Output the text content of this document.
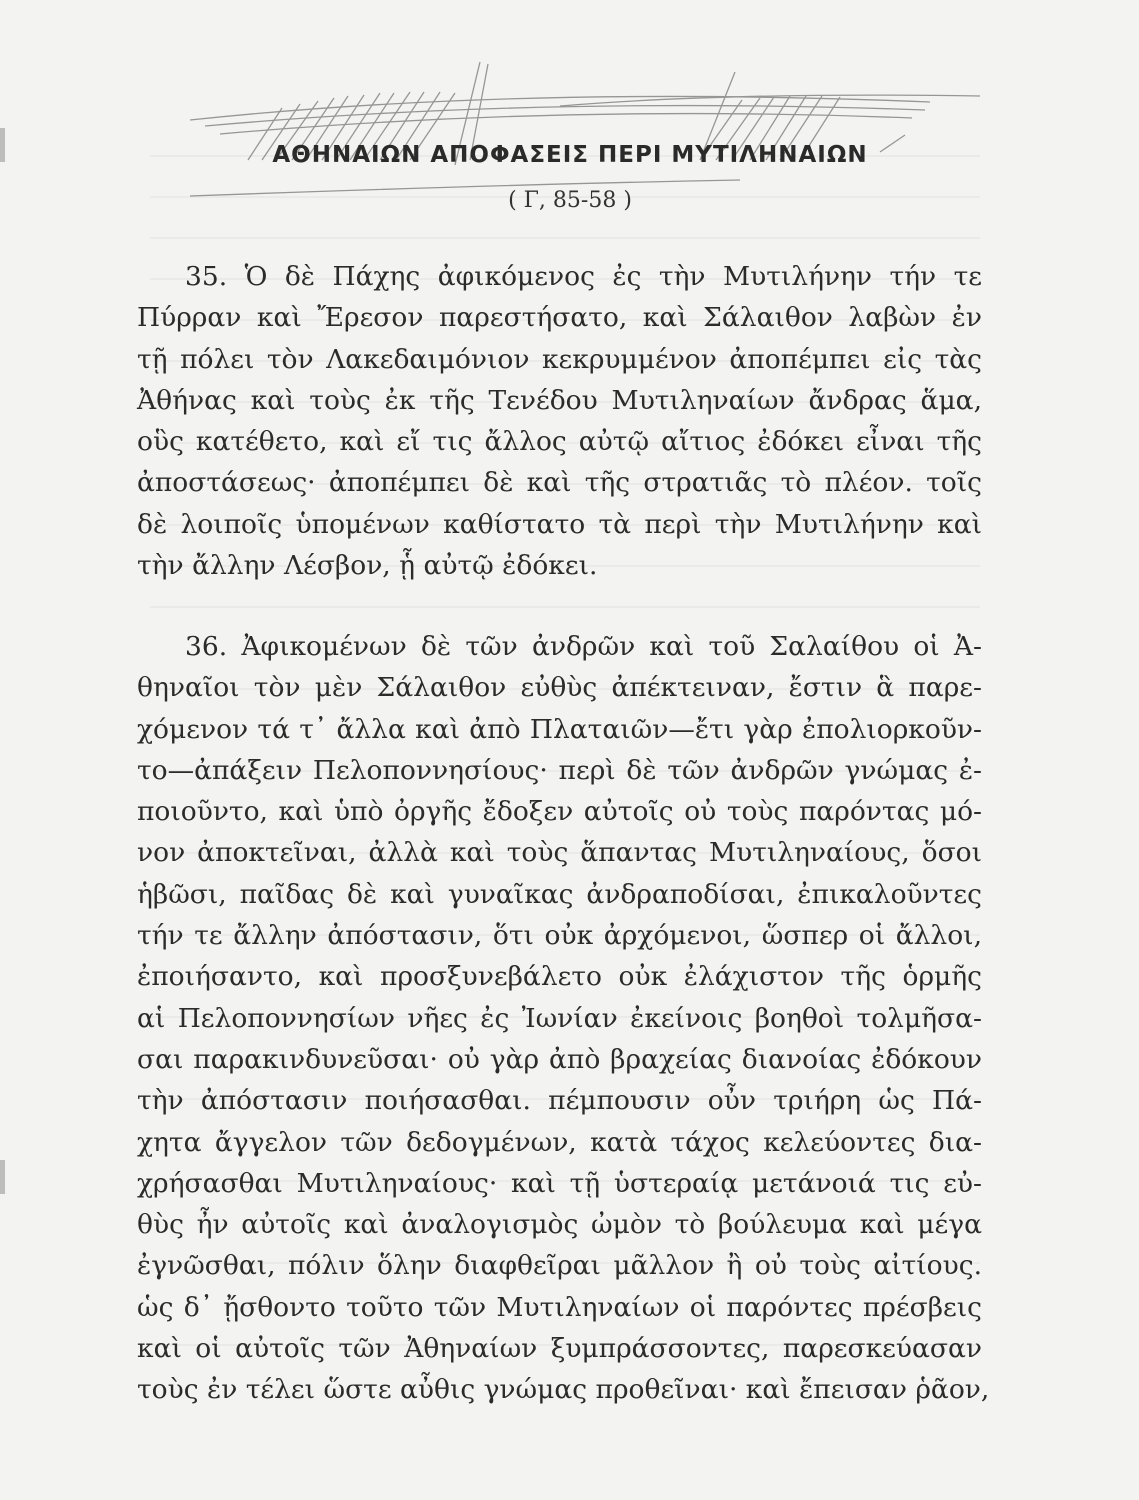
ΑΘΗΝΑΙΩΝ ΑΠΟΦΑΣΕΙΣ ΠΕΡΙ ΜΥΤΙΛΗΝΑΙΩΝ
( Γ, 85-58 )
35. Ὁ δὲ Πάχης ἀφικόμενος ἐς τὴν Μυτιλήνην τήν τε
Πύρραν καὶ Ἔρεσον παρεστήσατο, καὶ Σάλαιθον λαβὼν ἐν
τῇ πόλει τὸν Λακεδαιμόνιον κεκρυμμένον ἀποπέμπει εἰς τὰς
Ἀθήνας καὶ τοὺς ἐκ τῆς Τενέδου Μυτιληναίων ἄνδρας ἅμα,
οὓς κατέθετο, καὶ εἴ τις ἄλλος αὐτῷ αἴτιος ἐδόκει εἶναι τῆς
ἀποστάσεως· ἀποπέμπει δὲ καὶ τῆς στρατιᾶς τὸ πλέον. τοῖς
δὲ λοιποῖς ὑπομένων καθίστατο τὰ περὶ τὴν Μυτιλήνην καὶ
τὴν ἄλλην Λέσβον, ᾗ αὐτῷ ἐδόκει.
36. Ἀφικομένων δὲ τῶν ἀνδρῶν καὶ τοῦ Σαλαίθου οἱ Ἀ-
θηναῖοι τὸν μὲν Σάλαιθον εὐθὺς ἀπέκτειναν, ἔστιν ἃ παρε-
χόμενον τά τ᾽ ἄλλα καὶ ἀπὸ Πλαταιῶν—ἔτι γὰρ ἐπολιορκοῦν-
το—ἀπάξειν Πελοποννησίους· περὶ δὲ τῶν ἀνδρῶν γνώμας ἐ-
ποιοῦντο, καὶ ὑπὸ ὀργῆς ἔδοξεν αὐτοῖς οὐ τοὺς παρόντας μό-
νον ἀποκτεῖναι, ἀλλὰ καὶ τοὺς ἅπαντας Μυτιληναίους, ὅσοι
ἡβῶσι, παῖδας δὲ καὶ γυναῖκας ἀνδραποδίσαι, ἐπικαλοῦντες
τήν τε ἄλλην ἀπόστασιν, ὅτι οὐκ ἀρχόμενοι, ὥσπερ οἱ ἄλλοι,
ἐποιήσαντο, καὶ προσξυνεβάλετο οὐκ ἐλάχιστον τῆς ὁρμῆς
αἱ Πελοποννησίων νῆες ἐς Ἰωνίαν ἐκείνοις βοηθοὶ τολμῆσα-
σαι παρακινδυνεῦσαι· οὐ γὰρ ἀπὸ βραχείας διανοίας ἐδόκουν
τὴν ἀπόστασιν ποιήσασθαι. πέμπουσιν οὖν τριήρη ὡς Πά-
χητα ἄγγελον τῶν δεδογμένων, κατὰ τάχος κελεύοντες δια-
χρήσασθαι Μυτιληναίους· καὶ τῇ ὑστεραίᾳ μετάνοιά τις εὐ-
θὺς ἦν αὐτοῖς καὶ ἀναλογισμὸς ὠμὸν τὸ βούλευμα καὶ μέγα
ἐγνῶσθαι, πόλιν ὅλην διαφθεῖραι μᾶλλον ἢ οὐ τοὺς αἰτίους.
ὡς δ᾽ ᾔσθοντο τοῦτο τῶν Μυτιληναίων οἱ παρόντες πρέσβεις
καὶ οἱ αὐτοῖς τῶν Ἀθηναίων ξυμπράσσοντες, παρεσκεύασαν
τοὺς ἐν τέλει ὥστε αὖθις γνώμας προθεῖναι· καὶ ἔπεισαν ῥᾶον,
